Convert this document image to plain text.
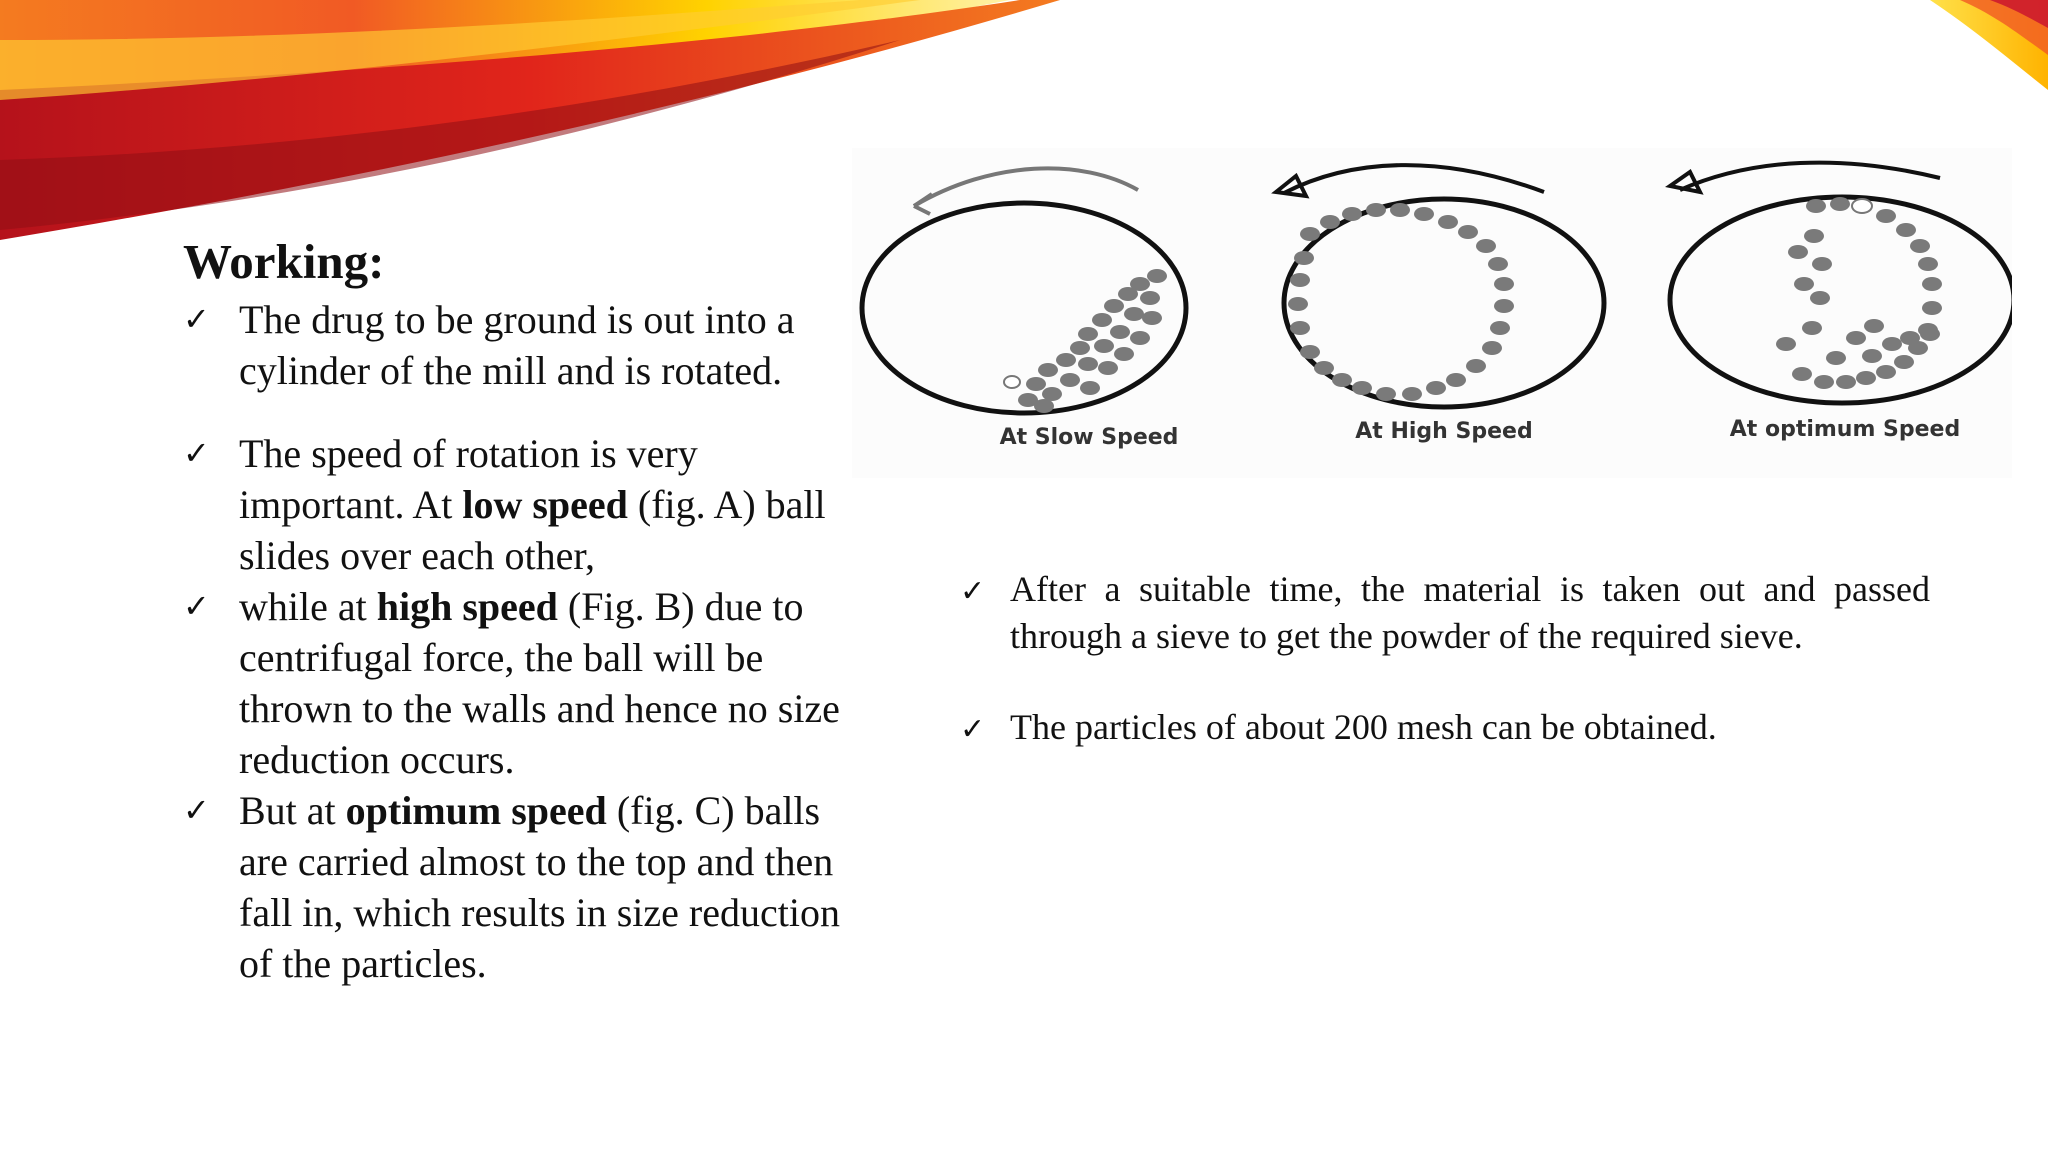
Working:
✓ The drug to be ground is out into a cylinder of the mill and is rotated.
✓ The speed of rotation is very important. At low speed (fig. A) ball slides over each other,
✓ while at high speed (Fig. B) due to centrifugal force, the ball will be thrown to the walls and hence no size reduction occurs.
✓ But at optimum speed (fig. C) balls are carried almost to the top and then fall in, which results in size reduction of the particles.
At Slow Speed	At High Speed	At optimum Speed
✓ After a suitable time, the material is taken out and passed through a sieve to get the powder of the required sieve.
✓ The particles of about 200 mesh can be obtained.
